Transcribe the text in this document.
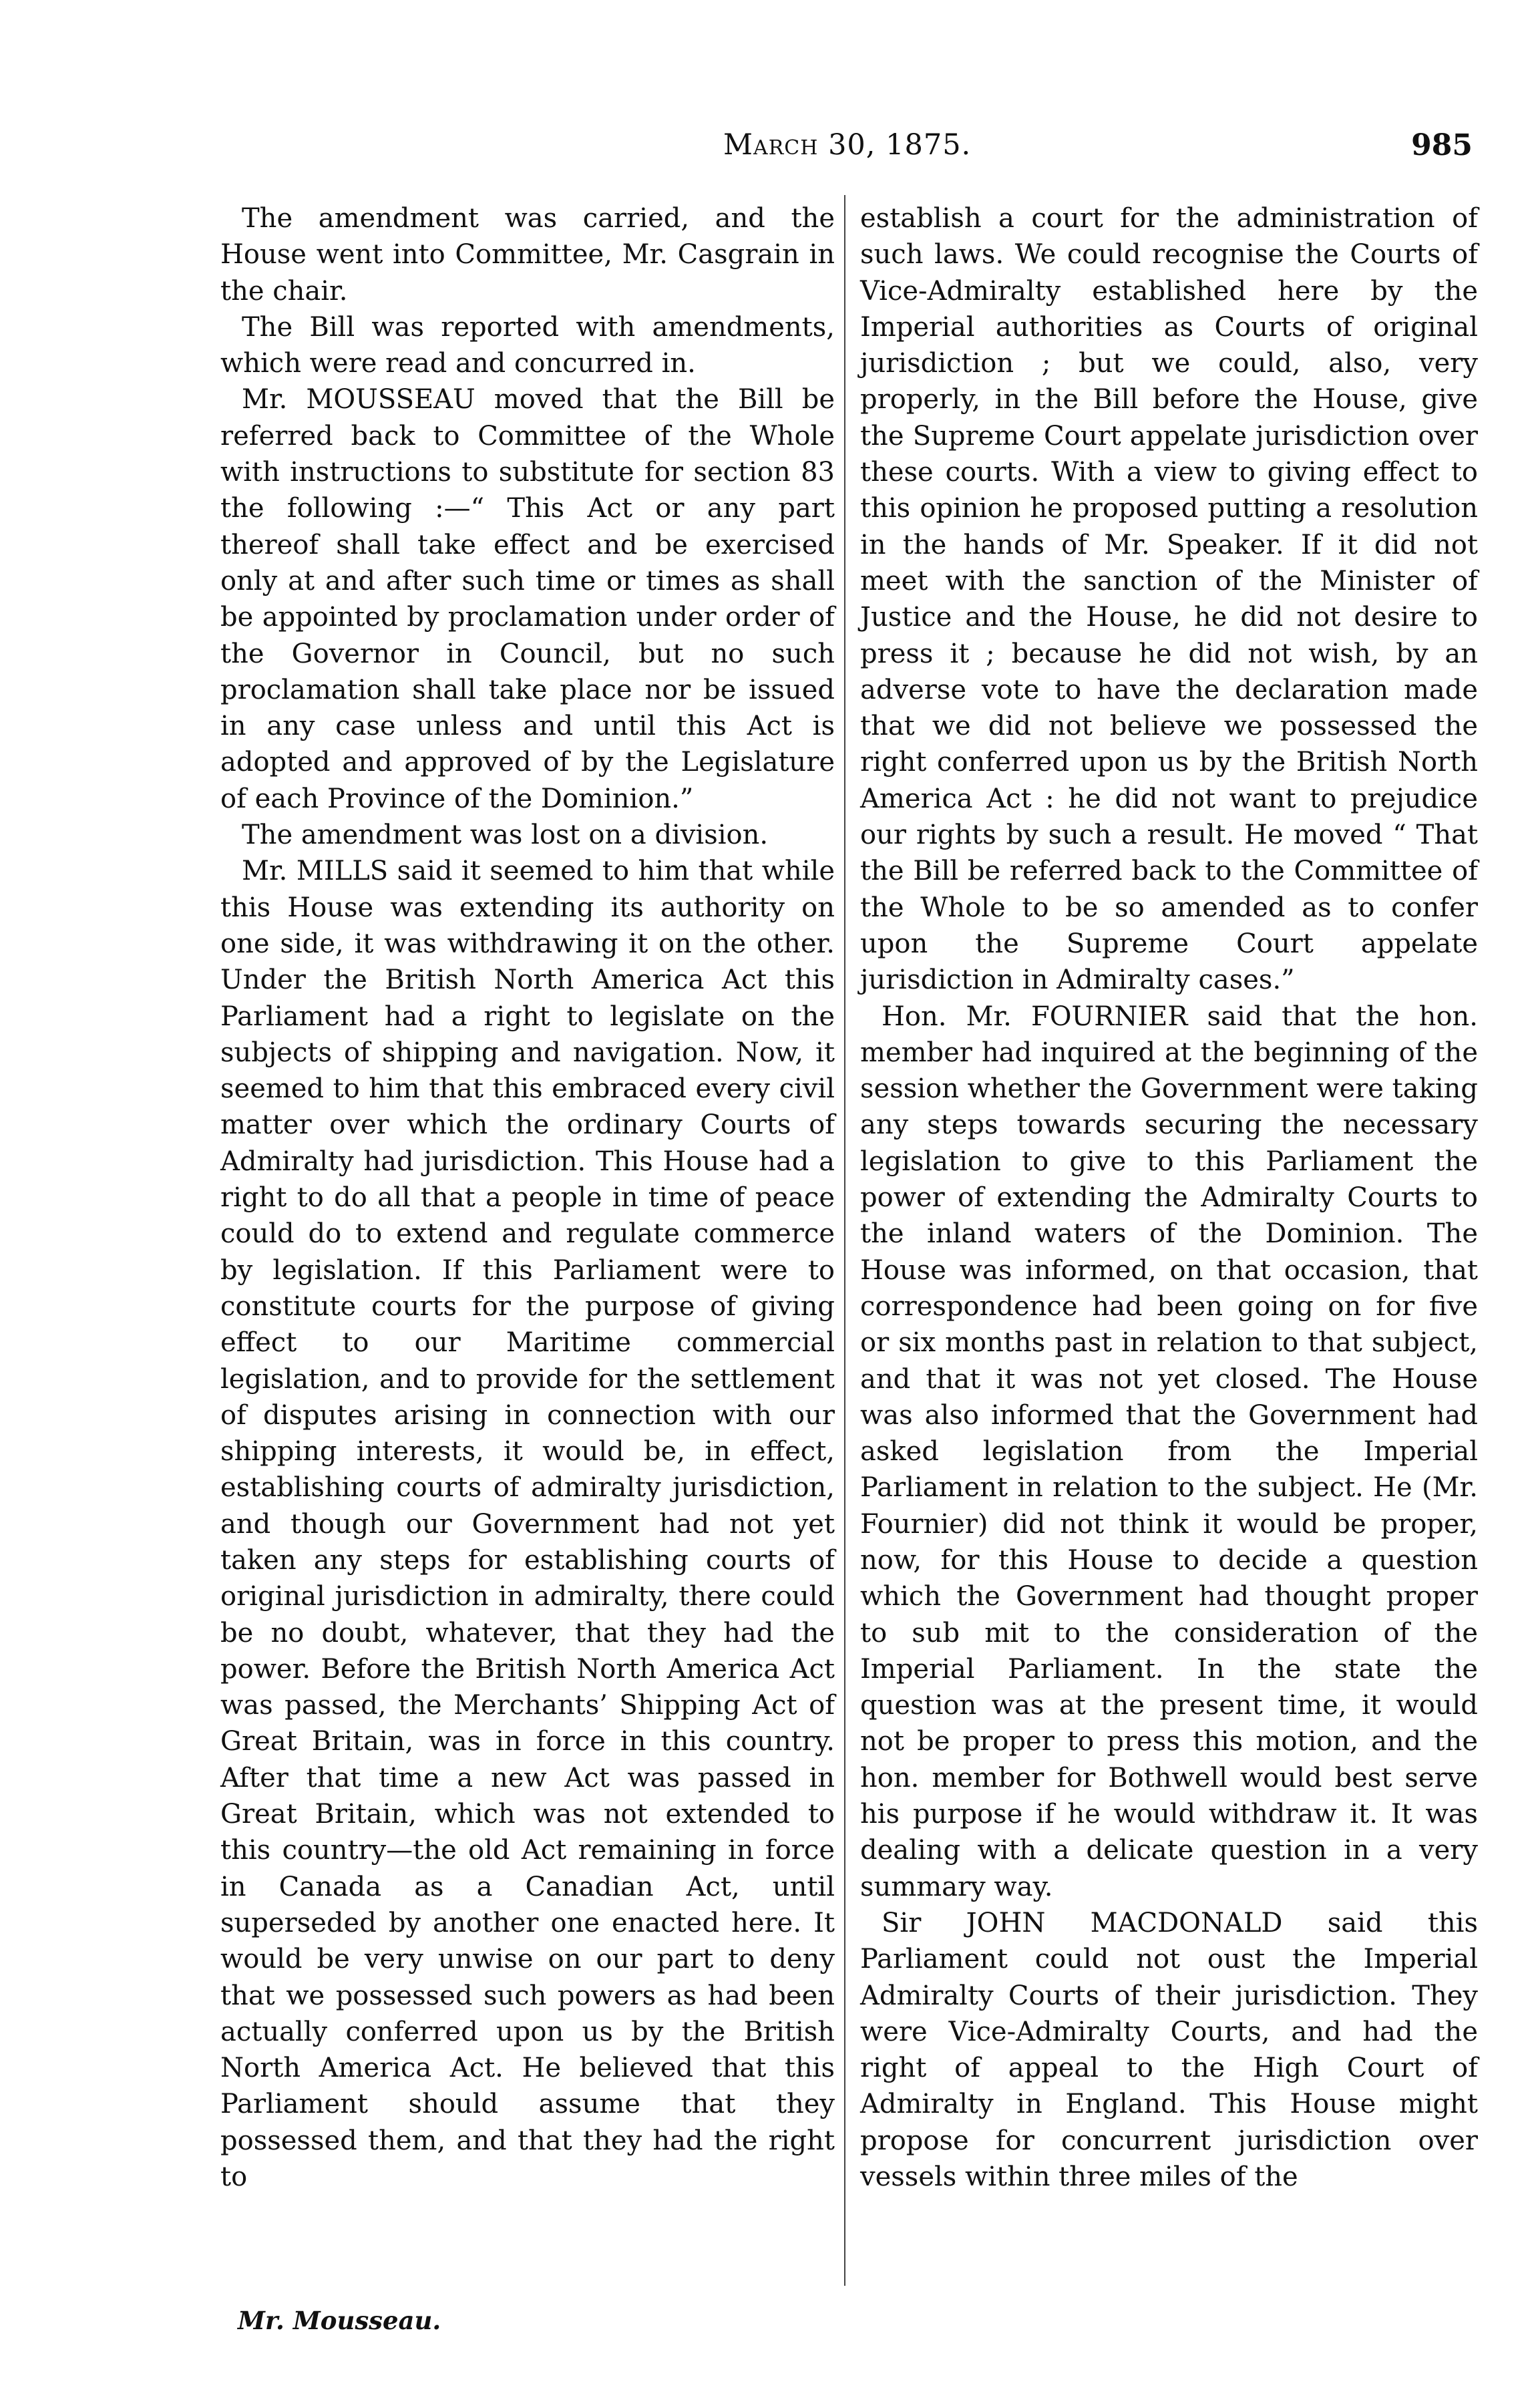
March 30, 1875.	985

The amendment was carried, and the House went into Committee, Mr. Casgrain in the chair.

The Bill was reported with amendments, which were read and concurred in.

Mr. MOUSSEAU moved that the Bill be referred back to Committee of the Whole with instructions to substitute for section 83 the following :—“ This Act or any part thereof shall take effect and be exercised only at and after such time or times as shall be appointed by proclamation under order of the Governor in Council, but no such proclamation shall take place nor be issued in any case unless and until this Act is adopted and approved of by the Legislature of each Province of the Dominion.”

The amendment was lost on a division.

Mr. MILLS said it seemed to him that while this House was extending its authority on one side, it was withdrawing it on the other. Under the British North America Act this Parliament had a right to legislate on the subjects of shipping and navigation. Now, it seemed to him that this embraced every civil matter over which the ordinary Courts of Admiralty had jurisdiction. This House had a right to do all that a people in time of peace could do to extend and regulate commerce by legislation. If this Parliament were to constitute courts for the purpose of giving effect to our Maritime commercial legislation, and to provide for the settlement of disputes arising in connection with our shipping interests, it would be, in effect, establishing courts of admiralty jurisdiction, and though our Government had not yet taken any steps for establishing courts of original jurisdiction in admiralty, there could be no doubt, whatever, that they had the power. Before the British North America Act was passed, the Merchants’ Shipping Act of Great Britain, was in force in this country. After that time a new Act was passed in Great Britain, which was not extended to this country—the old Act remaining in force in Canada as a Canadian Act, until superseded by another one enacted here. It would be very unwise on our part to deny that we possessed such powers as had been actually conferred upon us by the British North America Act. He believed that this Parliament should assume that they possessed them, and that they had the right to

establish a court for the administration of such laws. We could recognise the Courts of Vice-Admiralty established here by the Imperial authorities as Courts of original jurisdiction ; but we could, also, very properly, in the Bill before the House, give the Supreme Court appelate jurisdiction over these courts. With a view to giving effect to this opinion he proposed putting a resolution in the hands of Mr. Speaker. If it did not meet with the sanction of the Minister of Justice and the House, he did not desire to press it ; because he did not wish, by an adverse vote to have the declaration made that we did not believe we possessed the right conferred upon us by the British North America Act : he did not want to prejudice our rights by such a result. He moved “ That the Bill be referred back to the Committee of the Whole to be so amended as to confer upon the Supreme Court appelate jurisdiction in Admiralty cases.”

Hon. Mr. FOURNIER said that the hon. member had inquired at the beginning of the session whether the Government were taking any steps towards securing the necessary legislation to give to this Parliament the power of extending the Admiralty Courts to the inland waters of the Dominion. The House was informed, on that occasion, that correspondence had been going on for five or six months past in relation to that subject, and that it was not yet closed. The House was also informed that the Government had asked legislation from the Imperial Parliament in relation to the subject. He (Mr. Fournier) did not think it would be proper, now, for this House to decide a question which the Government had thought proper to sub mit to the consideration of the Imperial Parliament. In the state the question was at the present time, it would not be proper to press this motion, and the hon. member for Bothwell would best serve his purpose if he would withdraw it. It was dealing with a delicate question in a very summary way.

Sir JOHN MACDONALD said this Parliament could not oust the Imperial Admiralty Courts of their jurisdiction. They were Vice-Admiralty Courts, and had the right of appeal to the High Court of Admiralty in England. This House might propose for concurrent jurisdiction over vessels within three miles of the

Mr. Mousseau.
